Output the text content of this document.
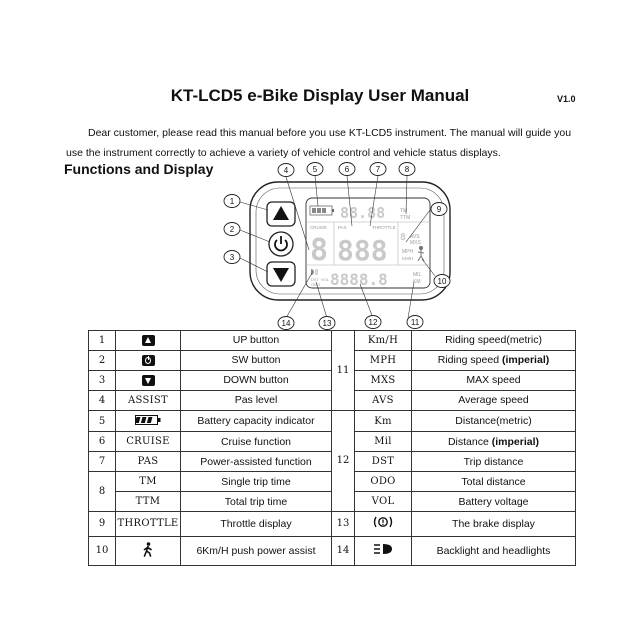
KT-LCD5 e-Bike Display User Manual	V1.0
Dear customer, please read this manual before you use KT-LCD5 instrument. The manual will guide you use the instrument correctly to achieve a variety of vehicle control and vehicle status displays.
Functions and Display
88.88	TM
TTM
CRUISE PAS	THROTTLE
8 888 8 AVS
MXS
MPH
KM/H
DST
ODO
VOL 8888.8	MIL
KM
1
2
3
4	5	6	7	8
9
10
11
12
13
14
1		UP button	11	Km/H	Riding speed(metric)
2		SW button		MPH	Riding speed (imperial)
3		DOWN button		MXS	MAX speed
4	ASSIST	Pas level		AVS	Average speed
5		Battery capacity indicator	12	Km	Distance(metric)
6	CRUISE	Cruise function		Mil	Distance (imperial)
7	PAS	Power-assisted function		DST	Trip distance
8	TM	Single trip time		ODO	Total distance
	TTM	Total trip time		VOL	Battery voltage
9	THROTTLE	Throttle display	13		The brake display
10		6Km/H push power assist	14		Backlight and headlights
